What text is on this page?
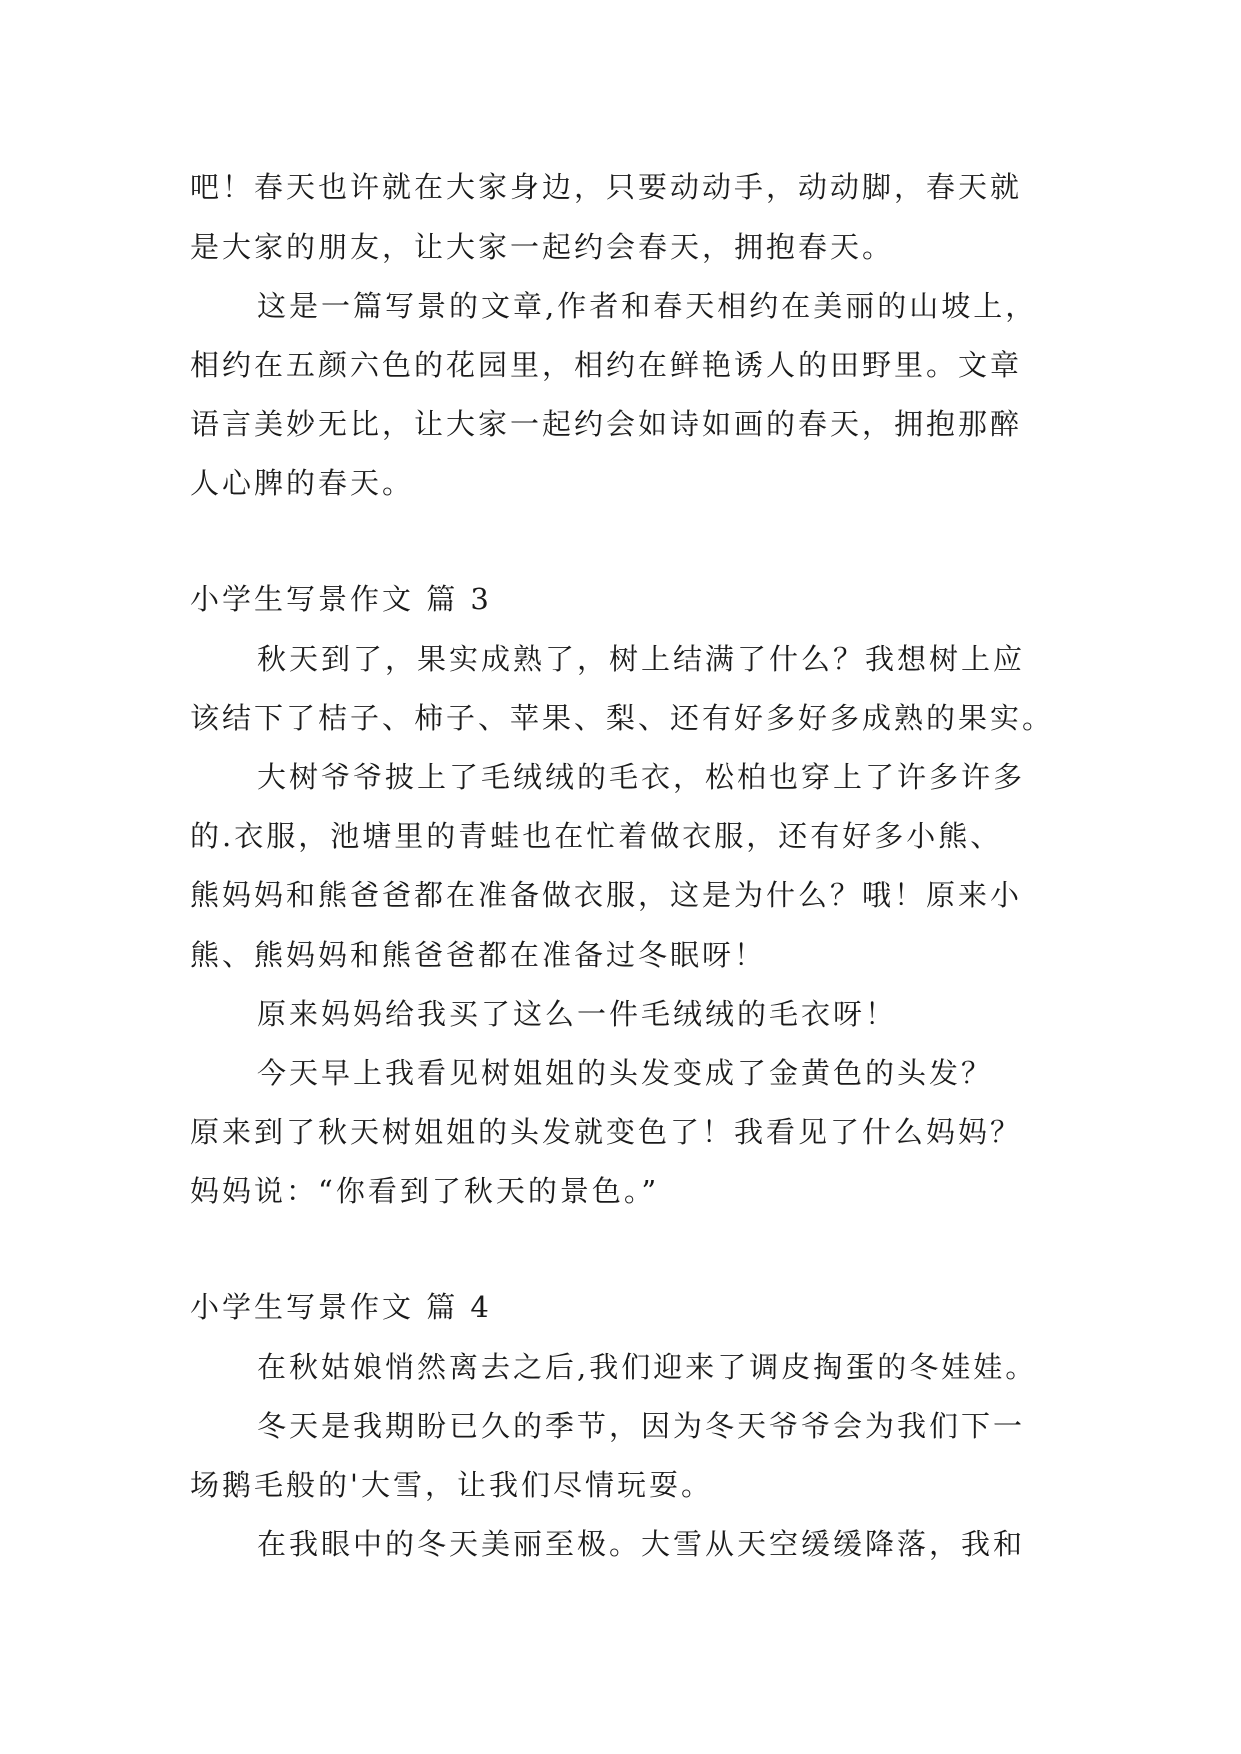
吧！春天也许就在大家身边，只要动动手，动动脚，春天就
是大家的朋友，让大家一起约会春天，拥抱春天。
这是一篇写景的文章,作者和春天相约在美丽的山坡上，
相约在五颜六色的花园里，相约在鲜艳诱人的田野里。文章
语言美妙无比，让大家一起约会如诗如画的春天，拥抱那醉
人心脾的春天。
小学生写景作文 篇 3
秋天到了，果实成熟了，树上结满了什么？我想树上应
该结下了桔子、柿子、苹果、梨、还有好多好多成熟的果实。
大树爷爷披上了毛绒绒的毛衣，松柏也穿上了许多许多
的.衣服，池塘里的青蛙也在忙着做衣服，还有好多小熊、
熊妈妈和熊爸爸都在准备做衣服，这是为什么？哦！原来小
熊、熊妈妈和熊爸爸都在准备过冬眠呀！
原来妈妈给我买了这么一件毛绒绒的毛衣呀！
今天早上我看见树姐姐的头发变成了金黄色的头发？
原来到了秋天树姐姐的头发就变色了！我看见了什么妈妈？
妈妈说：“你看到了秋天的景色。”
小学生写景作文 篇 4
在秋姑娘悄然离去之后,我们迎来了调皮掏蛋的冬娃娃。
冬天是我期盼已久的季节，因为冬天爷爷会为我们下一
场鹅毛般的'大雪，让我们尽情玩耍。
在我眼中的冬天美丽至极。大雪从天空缓缓降落，我和
